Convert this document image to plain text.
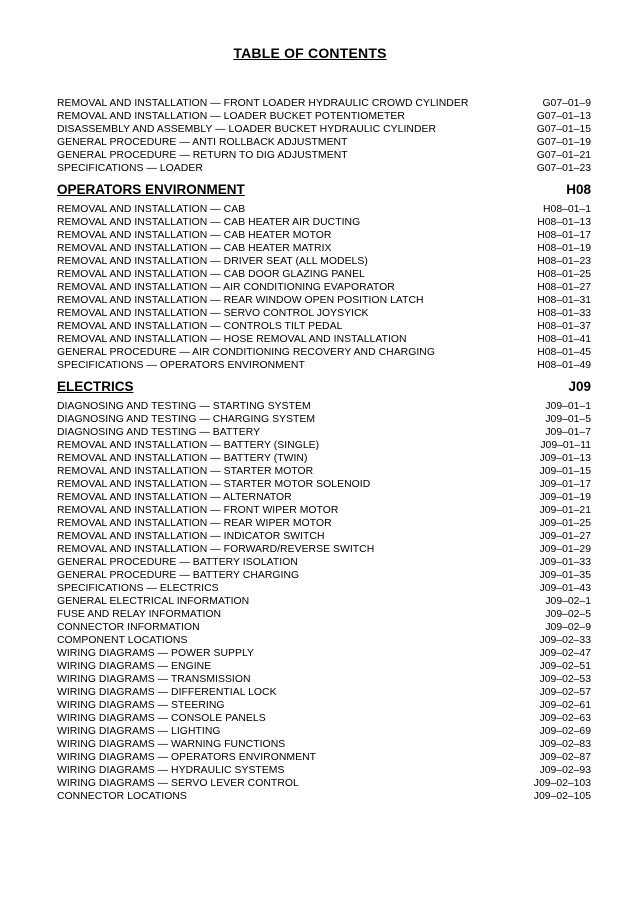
TABLE OF CONTENTS
REMOVAL AND INSTALLATION — FRONT LOADER HYDRAULIC CROWD CYLINDER	G07–01–9
REMOVAL AND INSTALLATION — LOADER BUCKET POTENTIOMETER	G07–01–13
DISASSEMBLY AND ASSEMBLY — LOADER BUCKET HYDRAULIC CYLINDER	G07–01–15
GENERAL PROCEDURE — ANTI ROLLBACK ADJUSTMENT	G07–01–19
GENERAL PROCEDURE — RETURN TO DIG ADJUSTMENT	G07–01–21
SPECIFICATIONS — LOADER	G07–01–23
OPERATORS ENVIRONMENT	H08
REMOVAL AND INSTALLATION — CAB	H08–01–1
REMOVAL AND INSTALLATION — CAB HEATER AIR DUCTING	H08–01–13
REMOVAL AND INSTALLATION — CAB HEATER MOTOR	H08–01–17
REMOVAL AND INSTALLATION — CAB HEATER MATRIX	H08–01–19
REMOVAL AND INSTALLATION — DRIVER SEAT (ALL MODELS)	H08–01–23
REMOVAL AND INSTALLATION — CAB DOOR GLAZING PANEL	H08–01–25
REMOVAL AND INSTALLATION — AIR CONDITIONING EVAPORATOR	H08–01–27
REMOVAL AND INSTALLATION — REAR WINDOW OPEN POSITION LATCH	H08–01–31
REMOVAL AND INSTALLATION — SERVO CONTROL JOYSYICK	H08–01–33
REMOVAL AND INSTALLATION — CONTROLS TILT PEDAL	H08–01–37
REMOVAL AND INSTALLATION — HOSE REMOVAL AND INSTALLATION	H08–01–41
GENERAL PROCEDURE — AIR CONDITIONING RECOVERY AND CHARGING	H08–01–45
SPECIFICATIONS — OPERATORS ENVIRONMENT	H08–01–49
ELECTRICS	J09
DIAGNOSING AND TESTING — STARTING SYSTEM	J09–01–1
DIAGNOSING AND TESTING — CHARGING SYSTEM	J09–01–5
DIAGNOSING AND TESTING — BATTERY	J09–01–7
REMOVAL AND INSTALLATION — BATTERY (SINGLE)	J09–01–11
REMOVAL AND INSTALLATION — BATTERY (TWIN)	J09–01–13
REMOVAL AND INSTALLATION — STARTER MOTOR	J09–01–15
REMOVAL AND INSTALLATION — STARTER MOTOR SOLENOID	J09–01–17
REMOVAL AND INSTALLATION — ALTERNATOR	J09–01–19
REMOVAL AND INSTALLATION — FRONT WIPER MOTOR	J09–01–21
REMOVAL AND INSTALLATION — REAR WIPER MOTOR	J09–01–25
REMOVAL AND INSTALLATION — INDICATOR SWITCH	J09–01–27
REMOVAL AND INSTALLATION — FORWARD/REVERSE SWITCH	J09–01–29
GENERAL PROCEDURE — BATTERY ISOLATION	J09–01–33
GENERAL PROCEDURE — BATTERY CHARGING	J09–01–35
SPECIFICATIONS — ELECTRICS	J09–01–43
GENERAL ELECTRICAL INFORMATION	J09–02–1
FUSE AND RELAY INFORMATION	J09–02–5
CONNECTOR INFORMATION	J09–02–9
COMPONENT LOCATIONS	J09–02–33
WIRING DIAGRAMS — POWER SUPPLY	J09–02–47
WIRING DIAGRAMS — ENGINE	J09–02–51
WIRING DIAGRAMS — TRANSMISSION	J09–02–53
WIRING DIAGRAMS — DIFFERENTIAL LOCK	J09–02–57
WIRING DIAGRAMS — STEERING	J09–02–61
WIRING DIAGRAMS — CONSOLE PANELS	J09–02–63
WIRING DIAGRAMS — LIGHTING	J09–02–69
WIRING DIAGRAMS — WARNING FUNCTIONS	J09–02–83
WIRING DIAGRAMS — OPERATORS ENVIRONMENT	J09–02–87
WIRING DIAGRAMS — HYDRAULIC SYSTEMS	J09–02–93
WIRING DIAGRAMS — SERVO LEVER CONTROL	J09–02–103
CONNECTOR LOCATIONS	J09–02–105
